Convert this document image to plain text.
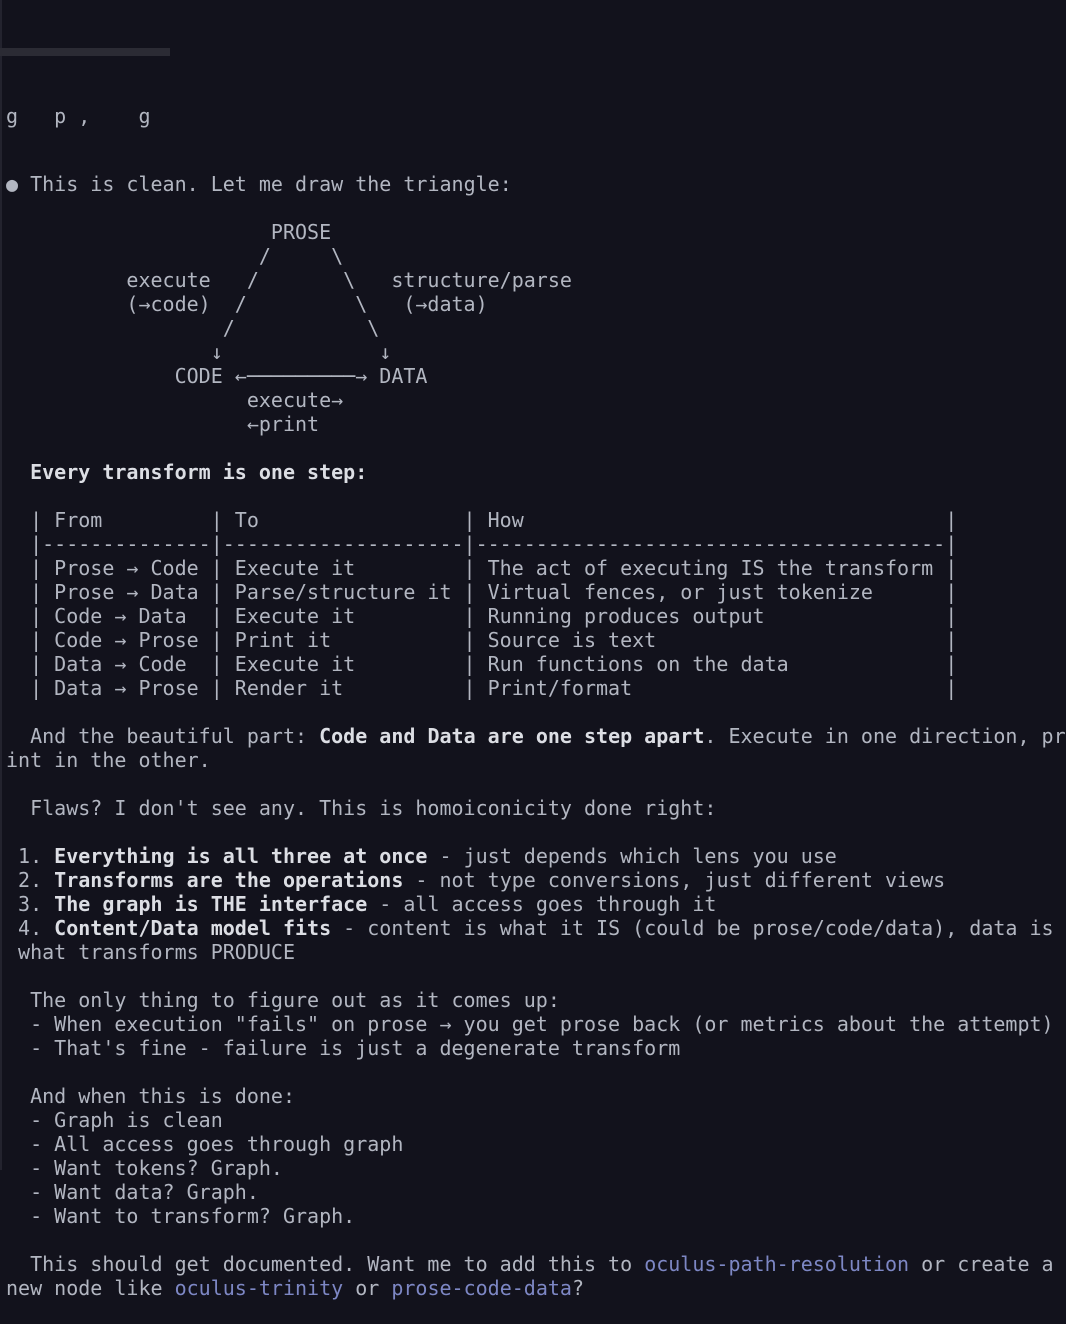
g   p ,    g

● This is clean. Let me draw the triangle:
PROSE
/     \
execute   /       \   structure/parse
(→code)  /         \   (→data)
/           \
↓             ↓
CODE ←─────────→ DATA
execute→
←print
Every transform is one step:
| From         | To                 | How                                   |
|--------------|--------------------|---------------------------------------|
| Prose → Code | Execute it         | The act of executing IS the transform |
| Prose → Data | Parse/structure it | Virtual fences, or just tokenize      |
| Code → Data  | Execute it         | Running produces output               |
| Code → Prose | Print it           | Source is text                        |
| Data → Code  | Execute it         | Run functions on the data             |
| Data → Prose | Render it          | Print/format                          |
And the beautiful part: Code and Data are one step apart. Execute in one direction, pr
int in the other.
Flaws? I don't see any. This is homoiconicity done right:
1. Everything is all three at once - just depends which lens you use
2. Transforms are the operations - not type conversions, just different views
3. The graph is THE interface - all access goes through it
4. Content/Data model fits - content is what it IS (could be prose/code/data), data is
what transforms PRODUCE
The only thing to figure out as it comes up:
- When execution "fails" on prose → you get prose back (or metrics about the attempt)
- That's fine - failure is just a degenerate transform
And when this is done:
- Graph is clean
- All access goes through graph
- Want tokens? Graph.
- Want data? Graph.
- Want to transform? Graph.
This should get documented. Want me to add this to oculus-path-resolution or create a
new node like oculus-trinity or prose-code-data?
